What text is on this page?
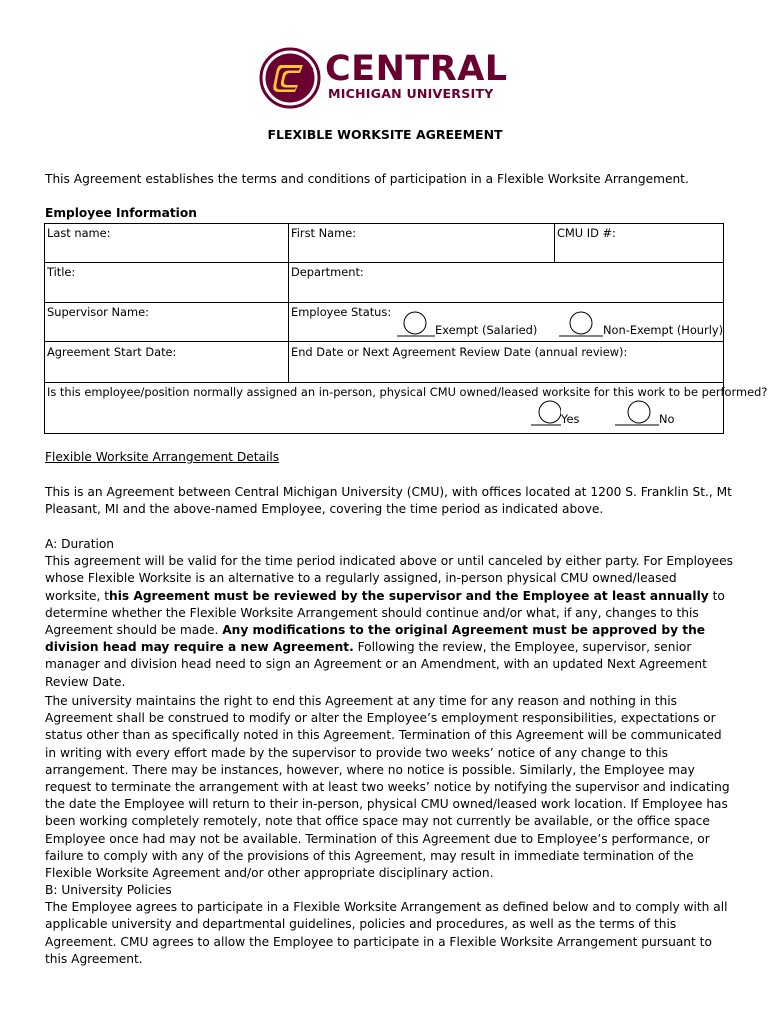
CENTRAL
MICHIGAN UNIVERSITY
FLEXIBLE WORKSITE AGREEMENT
This Agreement establishes the terms and conditions of participation in a Flexible Worksite Arrangement.
Employee Information
Last name:	First Name:	CMU ID #:
Title:	Department:
Supervisor Name:	Employee Status:
Exempt (Salaried)	Non-Exempt (Hourly)
Agreement Start Date:	End Date or Next Agreement Review Date (annual review):
Is this employee/position normally assigned an in-person, physical CMU owned/leased worksite for this work to be performed?
Yes	No
Flexible Worksite Arrangement Details

This is an Agreement between Central Michigan University (CMU), with offices located at 1200 S. Franklin St., Mt Pleasant, MI and the above-named Employee, covering the time period as indicated above.

A: Duration

This agreement will be valid for the time period indicated above or until canceled by either party. For Employees whose Flexible Worksite is an alternative to a regularly assigned, in-person physical CMU owned/leased worksite, this Agreement must be reviewed by the supervisor and the Employee at least annually to determine whether the Flexible Worksite Arrangement should continue and/or what, if any, changes to this Agreement should be made. Any modifications to the original Agreement must be approved by the division head may require a new Agreement. Following the review, the Employee, supervisor, senior manager and division head need to sign an Agreement or an Amendment, with an updated Next Agreement Review Date.

The university maintains the right to end this Agreement at any time for any reason and nothing in this Agreement shall be construed to modify or alter the Employee’s employment responsibilities, expectations or status other than as specifically noted in this Agreement. Termination of this Agreement will be communicated in writing with every effort made by the supervisor to provide two weeks’ notice of any change to this arrangement. There may be instances, however, where no notice is possible. Similarly, the Employee may request to terminate the arrangement with at least two weeks’ notice by notifying the supervisor and indicating the date the Employee will return to their in-person, physical CMU owned/leased work location. If Employee has been working completely remotely, note that office space may not currently be available, or the office space Employee once had may not be available. Termination of this Agreement due to Employee’s performance, or failure to comply with any of the provisions of this Agreement, may result in immediate termination of the Flexible Worksite Agreement and/or other appropriate disciplinary action.

B: University Policies

The Employee agrees to participate in a Flexible Worksite Arrangement as defined below and to comply with all applicable university and departmental guidelines, policies and procedures, as well as the terms of this Agreement. CMU agrees to allow the Employee to participate in a Flexible Worksite Arrangement pursuant to this Agreement.
